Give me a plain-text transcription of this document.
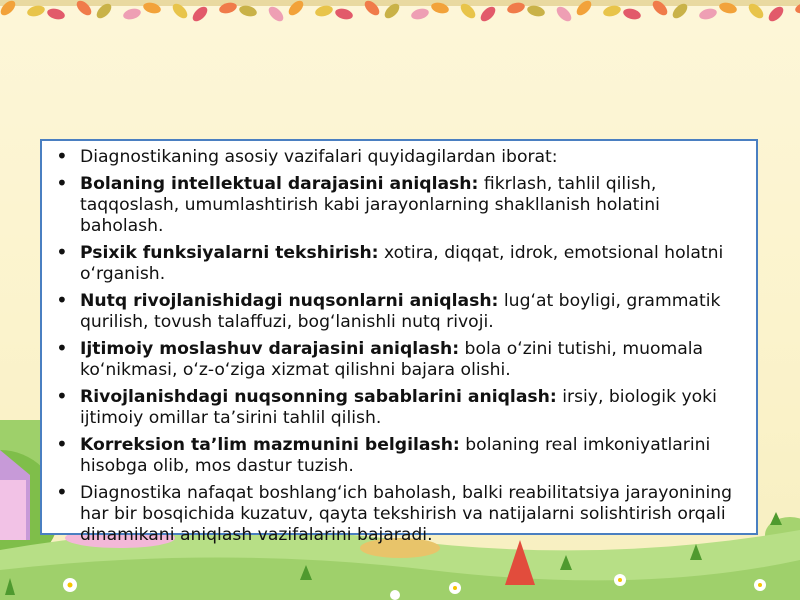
• Diagnostikaning asosiy vazifalari quyidagilardan iborat:
• Bolaning intellektual darajasini aniqlash: fikrlash, tahlil qilish, taqqoslash, umumlashtirish kabi jarayonlarning shakllanish holatini baholash.
• Psixik funksiyalarni tekshirish: xotira, diqqat, idrok, emotsional holatni oʻrganish.
• Nutq rivojlanishidagi nuqsonlarni aniqlash: lugʻat boyligi, grammatik qurilish, tovush talaffuzi, bogʻlanishli nutq rivoji.
• Ijtimoiy moslashuv darajasini aniqlash: bola oʻzini tutishi, muomala koʻnikmasi, oʻz-oʻziga xizmat qilishni bajara olishi.
• Rivojlanishdagi nuqsonning sabablarini aniqlash: irsiy, biologik yoki ijtimoiy omillar taʼsirini tahlil qilish.
• Korreksion taʼlim mazmunini belgilash: bolaning real imkoniyatlarini hisobga olib, mos dastur tuzish.
• Diagnostika nafaqat boshlangʻich baholash, balki reabilitatsiya jarayonining har bir bosqichida kuzatuv, qayta tekshirish va natijalarni solishtirish orqali dinamikani aniqlash vazifalarini bajaradi.
